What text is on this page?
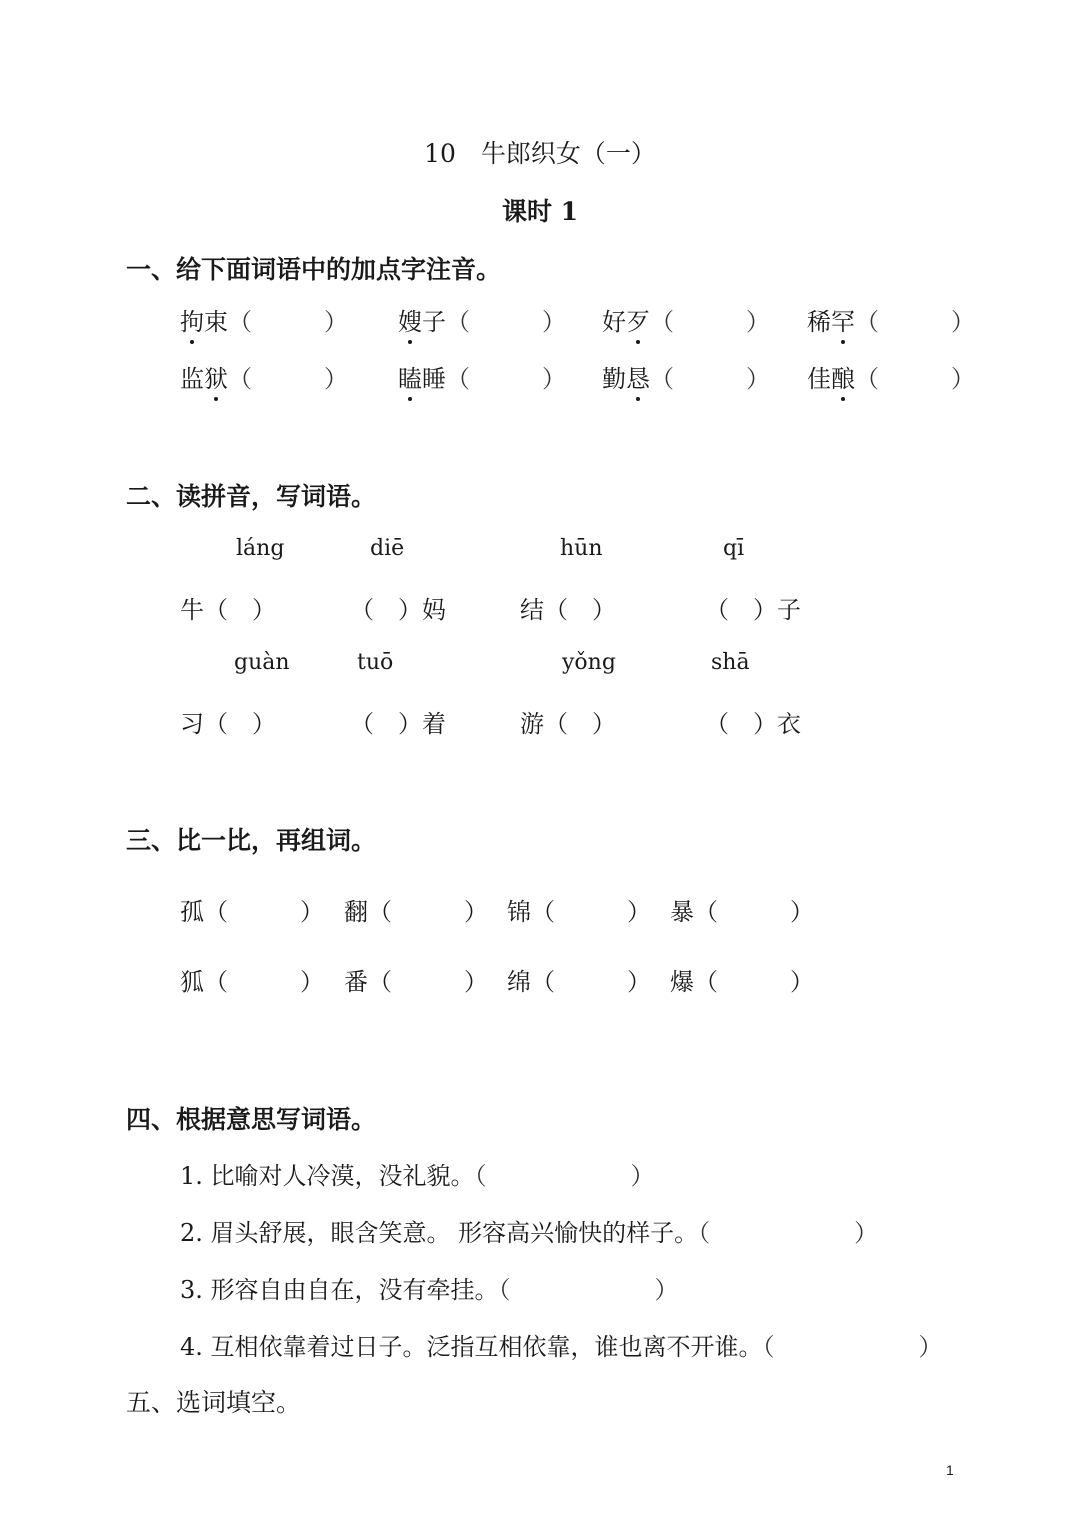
10　牛郎织女（一）
课时 1
一、给下面词语中的加点字注音。
拘束（　　　） 嫂子（　　　） 好歹（　　　） 稀罕（　　　）
监狱（　　　） 瞌睡（　　　） 勤恳（　　　） 佳酿（　　　）
二、读拼音，写词语。
láng	diē	hūn	qī
牛（　）	（　）妈	结（　）	（　）子
guàn	tuō	yǒng	shā
习（　）	（　）着	游（　）	（　）衣
三、比一比，再组词。
孤（　　　） 翻（　　　） 锦（　　　） 暴（　　　）
狐（　　　） 番（　　　） 绵（　　　） 爆（　　　）
四、根据意思写词语。
1. 比喻对人冷漠，没礼貌。（　　　　　　）
2. 眉头舒展，眼含笑意。 形容高兴愉快的样子。（　　　　　　）
3. 形容自由自在，没有牵挂。（　　　　　　）
4. 互相依靠着过日子。泛指互相依靠，谁也离不开谁。（　　　　　　）
五、选词填空。
1
